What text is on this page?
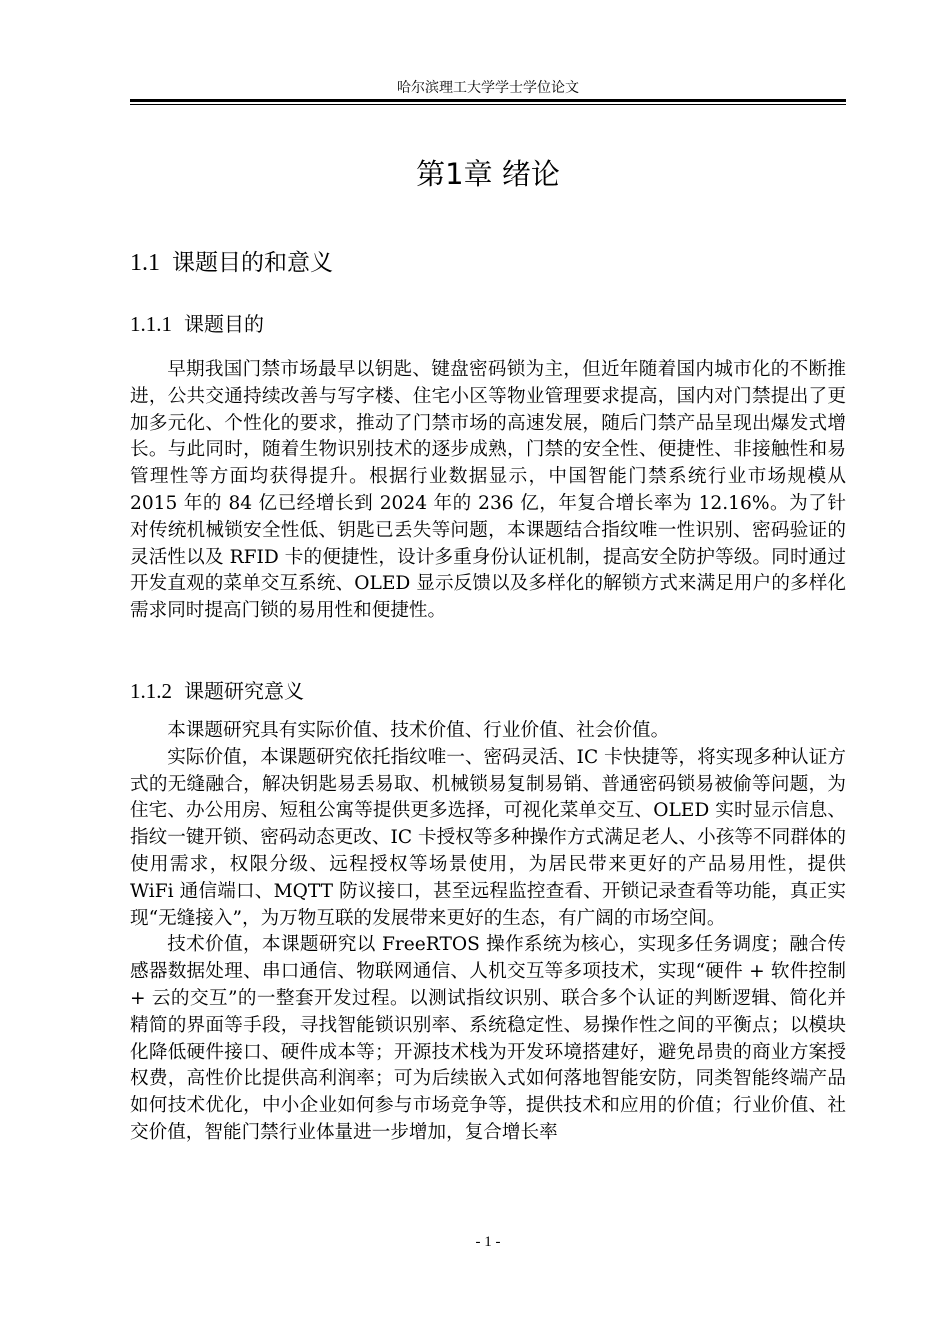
哈尔滨理工大学学士学位论文
第1章 绪论
1.1 课题目的和意义
1.1.1 课题目的

早期我国门禁市场最早以钥匙、键盘密码锁为主，但近年随着国内城市化的不断推进，公共交通持续改善与写字楼、住宅小区等物业管理要求提高，国内对门禁提出了更加多元化、个性化的要求，推动了门禁市场的高速发展，随后门禁产品呈现出爆发式增长。与此同时，随着生物识别技术的逐步成熟，门禁的安全性、便捷性、非接触性和易管理性等方面均获得提升。根据行业数据显示，中国智能门禁系统行业市场规模从 2015 年的 84 亿已经增长到 2024 年的 236 亿，年复合增长率为 12.16%。为了针对传统机械锁安全性低、钥匙已丢失等问题，本课题结合指纹唯一性识别、密码验证的灵活性以及 RFID 卡的便捷性，设计多重身份认证机制，提高安全防护等级。同时通过开发直观的菜单交互系统、OLED 显示反馈以及多样化的解锁方式来满足用户的多样化需求同时提高门锁的易用性和便捷性。

1.1.2 课题研究意义

本课题研究具有实际价值、技术价值、行业价值、社会价值。

实际价值，本课题研究依托指纹唯一、密码灵活、IC 卡快捷等，将实现多种认证方式的无缝融合，解决钥匙易丢易取、机械锁易复制易销、普通密码锁易被偷等问题，为住宅、办公用房、短租公寓等提供更多选择，可视化菜单交互、OLED 实时显示信息、指纹一键开锁、密码动态更改、IC 卡授权等多种操作方式满足老人、小孩等不同群体的使用需求，权限分级、远程授权等场景使用，为居民带来更好的产品易用性，提供 WiFi 通信端口、MQTT 防议接口，甚至远程监控查看、开锁记录查看等功能，真正实现“无缝接入”，为万物互联的发展带来更好的生态，有广阔的市场空间。

技术价值，本课题研究以 FreeRTOS 操作系统为核心，实现多任务调度；融合传感器数据处理、串口通信、物联网通信、人机交互等多项技术，实现“硬件 + 软件控制 + 云的交互”的一整套开发过程。以测试指纹识别、联合多个认证的判断逻辑、简化并精简的界面等手段，寻找智能锁识别率、系统稳定性、易操作性之间的平衡点；以模块化降低硬件接口、硬件成本等；开源技术栈为开发环境搭建好，避免昂贵的商业方案授权费，高性价比提供高利润率；可为后续嵌入式如何落地智能安防，同类智能终端产品如何技术优化，中小企业如何参与市场竞争等，提供技术和应用的价值；行业价值、社交价值，智能门禁行业体量进一步增加，复合增长率

- 1 -
